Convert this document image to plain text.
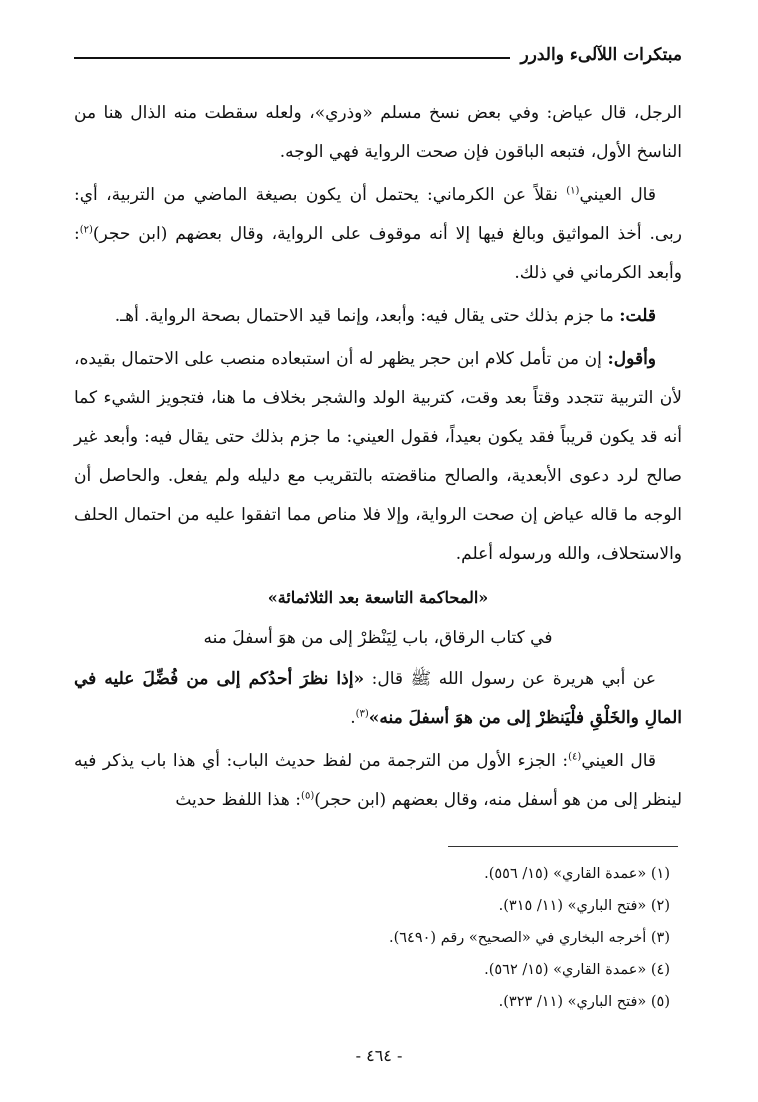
مبتكرات اللآلىء والدرر

الرجل، قال عياض: وفي بعض نسخ مسلم «وذري»، ولعله سقطت منه الذال هنا من الناسخ الأول، فتبعه الباقون فإن صحت الرواية فهي الوجه.

قال العيني$^{(١)}$ نقلاً عن الكرماني: يحتمل أن يكون بصيغة الماضي من التربية، أي: ربى. أخذ المواثيق وبالغ فيها إلا أنه موقوف على الرواية، وقال بعضهم (ابن حجر)$^{(٢)}$: وأبعد الكرماني في ذلك.

قلت: ما جزم بذلك حتى يقال فيه: وأبعد، وإنما قيد الاحتمال بصحة الرواية. أهـ.

وأقول: إن من تأمل كلام ابن حجر يظهر له أن استبعاده منصب على الاحتمال بقيده، لأن التربية تتجدد وقتاً بعد وقت، كتربية الولد والشجر بخلاف ما هنا، فتجويز الشيء كما أنه قد يكون قريباً فقد يكون بعيداً، فقول العيني: ما جزم بذلك حتى يقال فيه: وأبعد غير صالح لرد دعوى الأبعدية، والصالح مناقضته بالتقريب مع دليله ولم يفعل. والحاصل أن الوجه ما قاله عياض إن صحت الرواية، وإلا فلا مناص مما اتفقوا عليه من احتمال الحلف والاستحلاف، والله ورسوله أعلم.

«المحاكمة التاسعة بعد الثلاثمائة»

في كتاب الرقاق، باب لِيَنْظرْ إلى من هوَ أسفلَ منه

عن أبي هريرة عن رسول الله ﷺ قال: «إذا نظرَ أحدُكم إلى من فُضِّلَ عليه في المالِ والخَلْقِ فلْيَنظرْ إلى من هوَ أسفلَ منه»$^{(٣)}$.

قال العيني$^{(٤)}$: الجزء الأول من الترجمة من لفظ حديث الباب: أي هذا باب يذكر فيه لينظر إلى من هو أسفل منه، وقال بعضهم (ابن حجر)$^{(٥)}$: هذا اللفظ حديث

(١) «عمدة القاري» (١٥/ ٥٥٦).
(٢) «فتح الباري» (١١/ ٣١٥).
(٣) أخرجه البخاري في «الصحيح» رقم (٦٤٩٠).
(٤) «عمدة القاري» (١٥/ ٥٦٢).
(٥) «فتح الباري» (١١/ ٣٢٣).
- ٤٦٤ -
